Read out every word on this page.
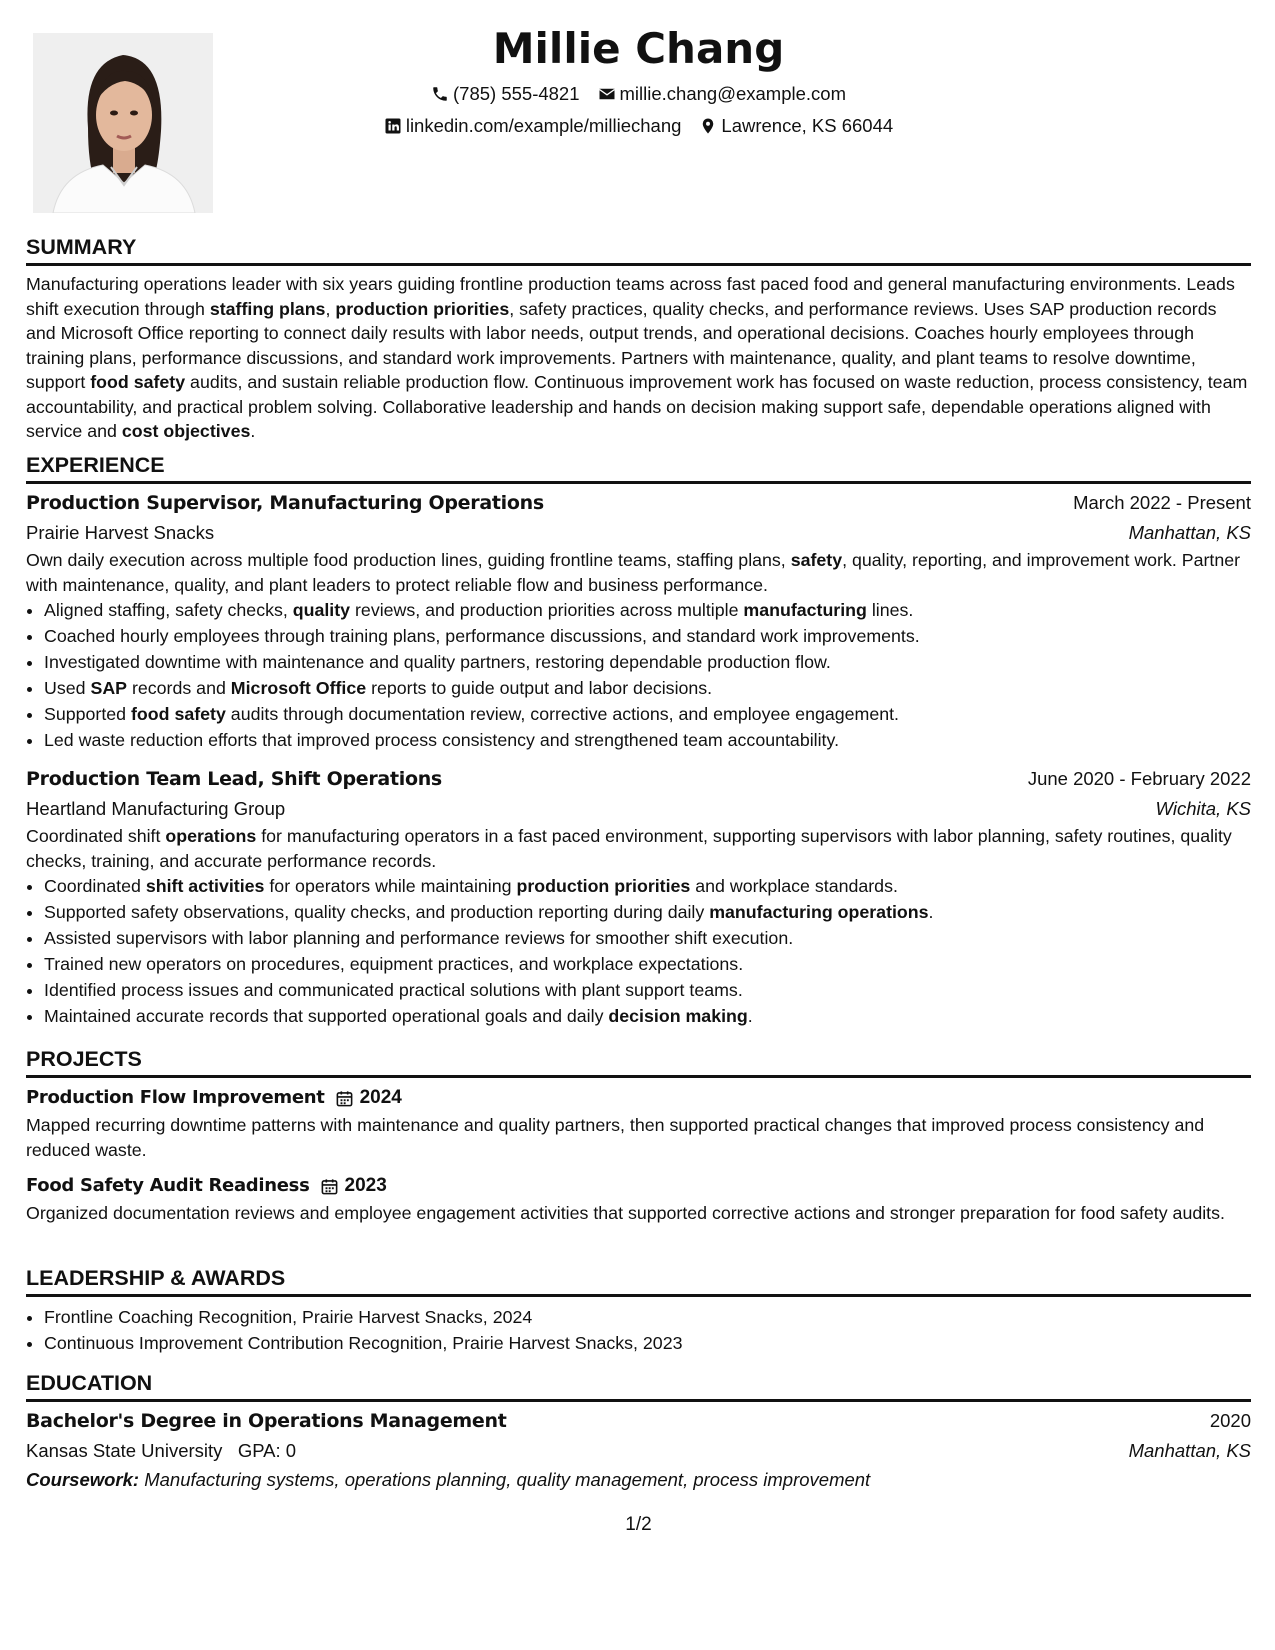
Millie Chang
(785) 555-4821 millie.chang@example.com
linkedin.com/example/milliechang Lawrence, KS 66044
SUMMARY

Manufacturing operations leader with six years guiding frontline production teams across fast paced food and general manufacturing environments. Leads shift execution through staffing plans, production priorities, safety practices, quality checks, and performance reviews. Uses SAP production records and Microsoft Office reporting to connect daily results with labor needs, output trends, and operational decisions. Coaches hourly employees through training plans, performance discussions, and standard work improvements. Partners with maintenance, quality, and plant teams to resolve downtime, support food safety audits, and sustain reliable production flow. Continuous improvement work has focused on waste reduction, process consistency, team accountability, and practical problem solving. Collaborative leadership and hands on decision making support safe, dependable operations aligned with service and cost objectives.

EXPERIENCE
Production Supervisor, Manufacturing Operations	March 2022 - Present
Prairie Harvest Snacks	Manhattan, KS

Own daily execution across multiple food production lines, guiding frontline teams, staffing plans, safety, quality, reporting, and improvement work. Partner with maintenance, quality, and plant leaders to protect reliable flow and business performance.

• Aligned staffing, safety checks, quality reviews, and production priorities across multiple manufacturing lines.
• Coached hourly employees through training plans, performance discussions, and standard work improvements.
• Investigated downtime with maintenance and quality partners, restoring dependable production flow.
• Used SAP records and Microsoft Office reports to guide output and labor decisions.
• Supported food safety audits through documentation review, corrective actions, and employee engagement.
• Led waste reduction efforts that improved process consistency and strengthened team accountability.
Production Team Lead, Shift Operations	June 2020 - February 2022
Heartland Manufacturing Group	Wichita, KS

Coordinated shift operations for manufacturing operators in a fast paced environment, supporting supervisors with labor planning, safety routines, quality checks, training, and accurate performance records.

• Coordinated shift activities for operators while maintaining production priorities and workplace standards.
• Supported safety observations, quality checks, and production reporting during daily manufacturing operations.
• Assisted supervisors with labor planning and performance reviews for smoother shift execution.
• Trained new operators on procedures, equipment practices, and workplace expectations.
• Identified process issues and communicated practical solutions with plant support teams.
• Maintained accurate records that supported operational goals and daily decision making.
PROJECTS
Production Flow Improvement 2024

Mapped recurring downtime patterns with maintenance and quality partners, then supported practical changes that improved process consistency and reduced waste.

Food Safety Audit Readiness 2023

Organized documentation reviews and employee engagement activities that supported corrective actions and stronger preparation for food safety audits.

LEADERSHIP & AWARDS
• Frontline Coaching Recognition, Prairie Harvest Snacks, 2024
• Continuous Improvement Contribution Recognition, Prairie Harvest Snacks, 2023
EDUCATION
Bachelor's Degree in Operations Management	2020
Kansas State University GPA: 0	Manhattan, KS
Coursework: Manufacturing systems, operations planning, quality management, process improvement
1/2
